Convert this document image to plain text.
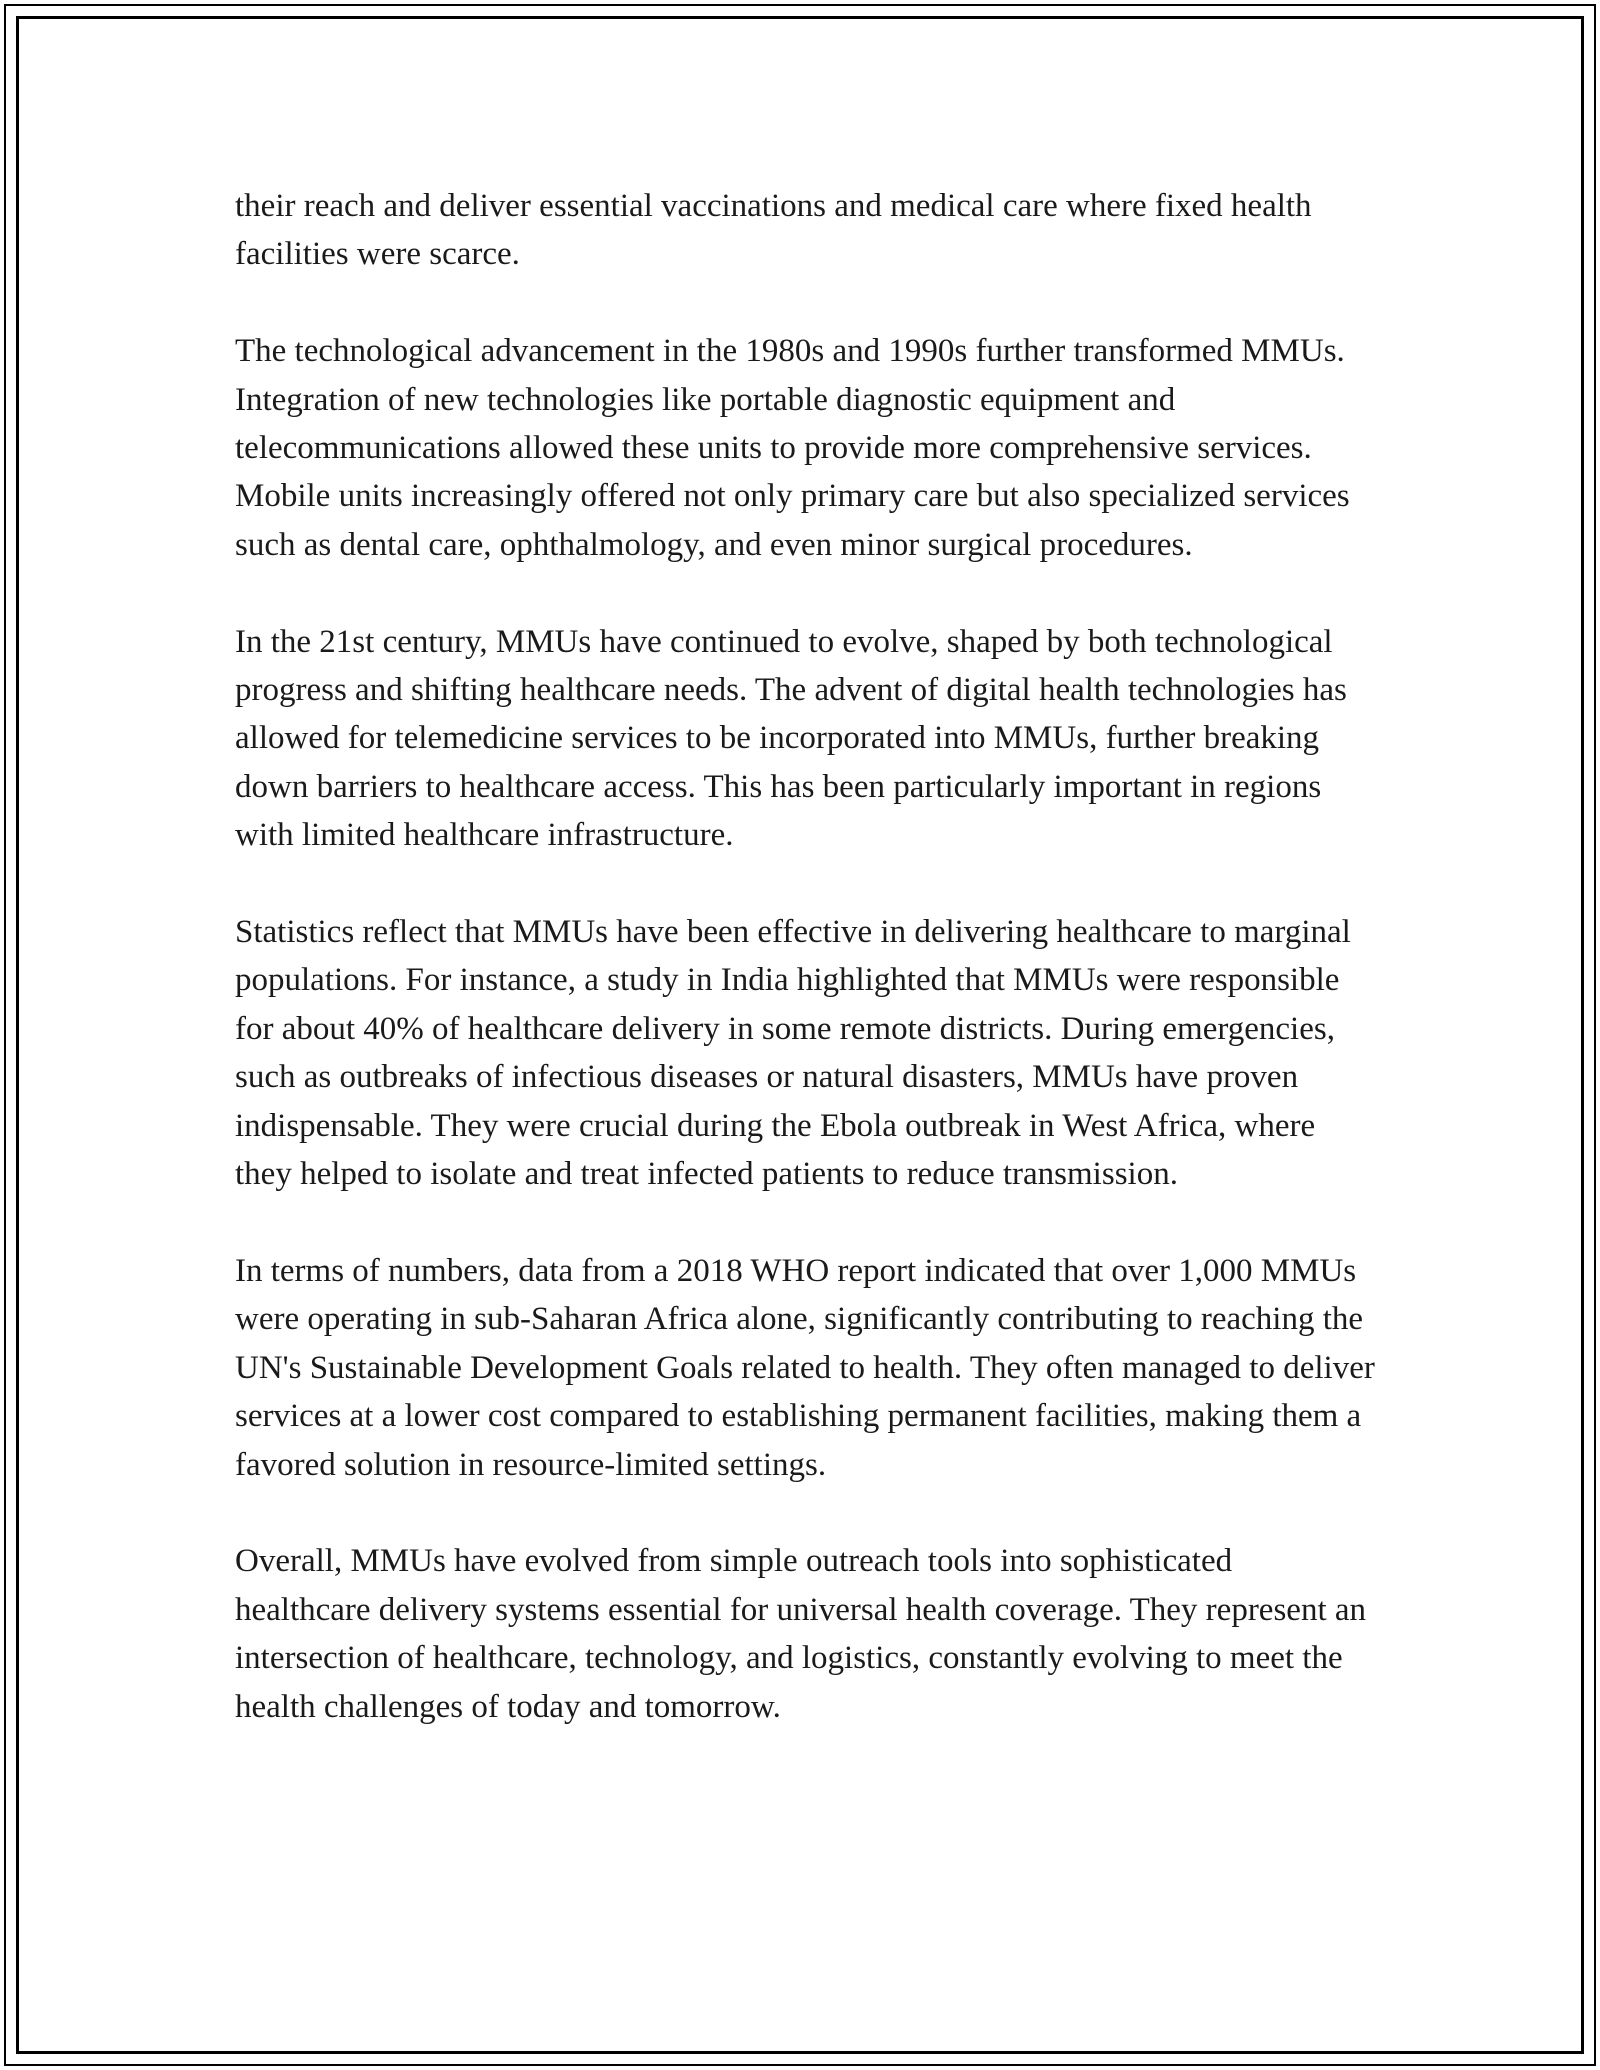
their reach and deliver essential vaccinations and medical care where fixed health facilities were scarce.

The technological advancement in the 1980s and 1990s further transformed MMUs. Integration of new technologies like portable diagnostic equipment and telecommunications allowed these units to provide more comprehensive services. Mobile units increasingly offered not only primary care but also specialized services such as dental care, ophthalmology, and even minor surgical procedures.

In the 21st century, MMUs have continued to evolve, shaped by both technological progress and shifting healthcare needs. The advent of digital health technologies has allowed for telemedicine services to be incorporated into MMUs, further breaking down barriers to healthcare access. This has been particularly important in regions with limited healthcare infrastructure.

Statistics reflect that MMUs have been effective in delivering healthcare to marginal populations. For instance, a study in India highlighted that MMUs were responsible for about 40% of healthcare delivery in some remote districts. During emergencies, such as outbreaks of infectious diseases or natural disasters, MMUs have proven indispensable. They were crucial during the Ebola outbreak in West Africa, where they helped to isolate and treat infected patients to reduce transmission.

In terms of numbers, data from a 2018 WHO report indicated that over 1,000 MMUs were operating in sub-Saharan Africa alone, significantly contributing to reaching the UN's Sustainable Development Goals related to health. They often managed to deliver services at a lower cost compared to establishing permanent facilities, making them a favored solution in resource-limited settings.

Overall, MMUs have evolved from simple outreach tools into sophisticated healthcare delivery systems essential for universal health coverage. They represent an intersection of healthcare, technology, and logistics, constantly evolving to meet the health challenges of today and tomorrow.
